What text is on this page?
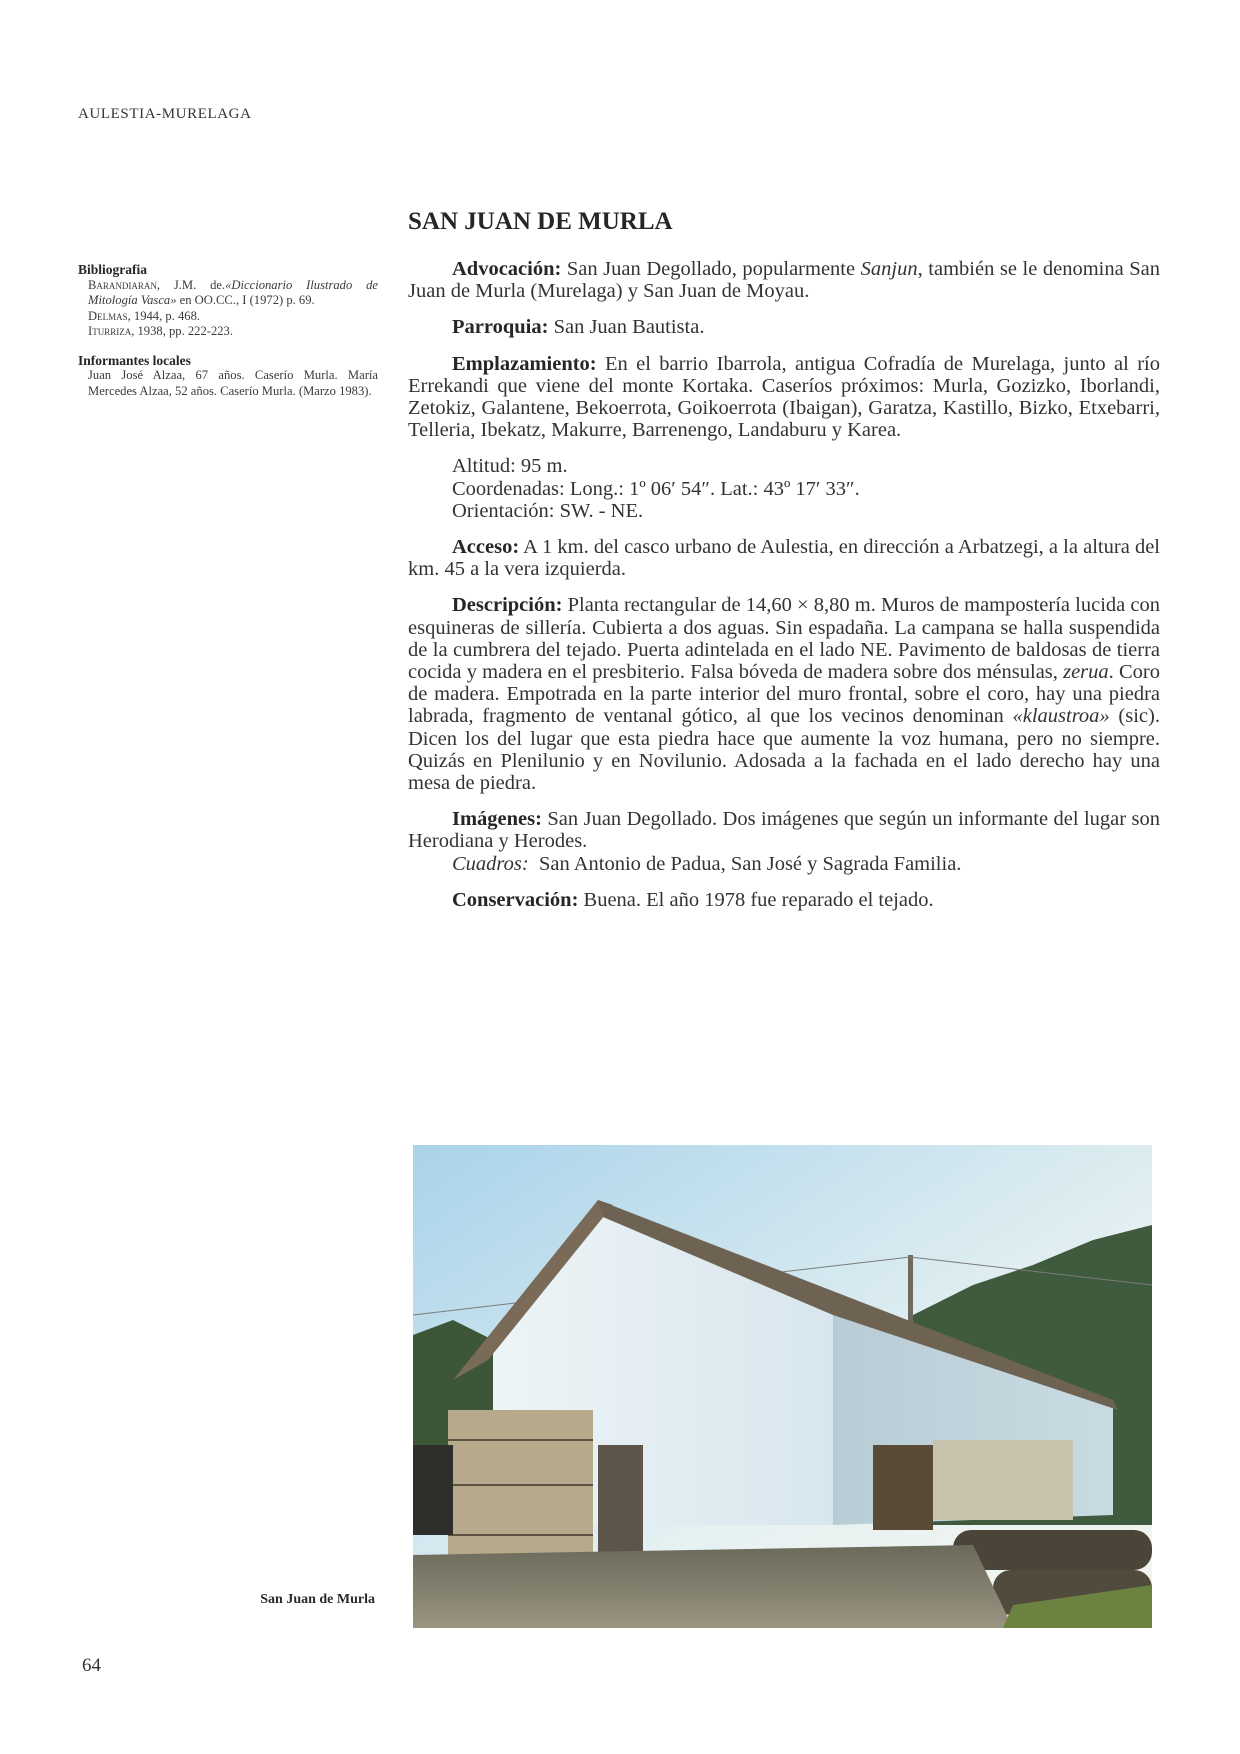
AULESTIA-MURELAGA
SAN JUAN DE MURLA
Bibliografia
Barandiaran, J.M. de.«Diccionario Ilustrado de Mitología Vasca» en OO.CC., I (1972) p. 69.
Delmas, 1944, p. 468.
Iturriza, 1938, pp. 222-223.
Informantes locales
Juan José Alzaa, 67 años. Caserío Murla. María Mercedes Alzaa, 52 años. Caserío Murla. (Marzo 1983).

Advocación: San Juan Degollado, popularmente Sanjun, también se le denomina San Juan de Murla (Murelaga) y San Juan de Moyau.

Parroquia: San Juan Bautista.

Emplazamiento: En el barrio Ibarrola, antigua Cofradía de Murelaga, junto al río Errekandi que viene del monte Kortaka. Caseríos próximos: Murla, Gozizko, Iborlandi, Zetokiz, Galantene, Bekoerrota, Goikoerrota (Ibaigan), Garatza, Kastillo, Bizko, Etxebarri, Telleria, Ibekatz, Makurre, Barrenengo, Landaburu y Karea.

Altitud: 95 m.
Coordenadas: Long.: 1º 06′ 54″. Lat.: 43º 17′ 33″.
Orientación: SW. - NE.

Acceso: A 1 km. del casco urbano de Aulestia, en dirección a Arbatzegi, a la altura del km. 45 a la vera izquierda.

Descripción: Planta rectangular de 14,60 × 8,80 m. Muros de mampostería lucida con esquineras de sillería. Cubierta a dos aguas. Sin espadaña. La campana se halla suspendida de la cumbrera del tejado. Puerta adintelada en el lado NE. Pavimento de baldosas de tierra cocida y madera en el presbiterio. Falsa bóveda de madera sobre dos ménsulas, zerua. Coro de madera. Empotrada en la parte interior del muro frontal, sobre el coro, hay una piedra labrada, fragmento de ventanal gótico, al que los vecinos denominan «klaustroa» (sic). Dicen los del lugar que esta piedra hace que aumente la voz humana, pero no siempre. Quizás en Plenilunio y en Novilunio. Adosada a la fachada en el lado derecho hay una mesa de piedra.

Imágenes: San Juan Degollado. Dos imágenes que según un informante del lugar son Herodiana y Herodes.

Cuadros:  San Antonio de Padua, San José y Sagrada Familia.

Conservación: Buena. El año 1978 fue reparado el tejado.

San Juan de Murla
64
